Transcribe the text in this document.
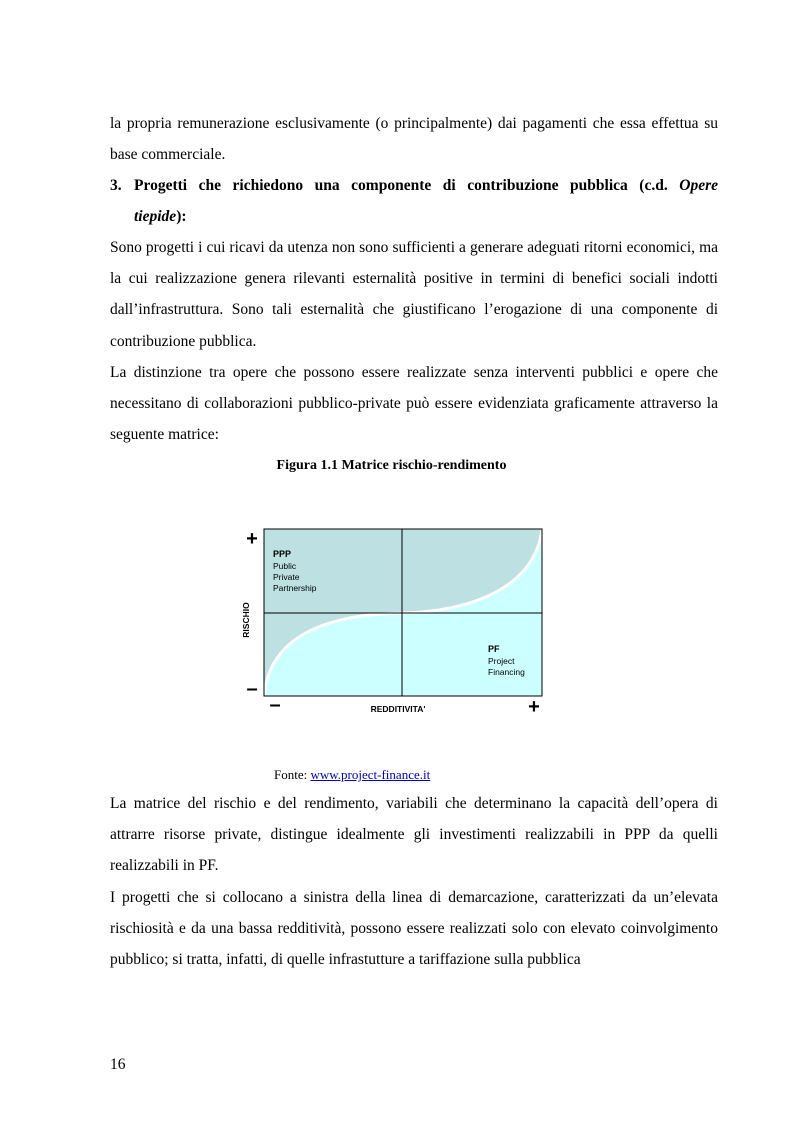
la propria remunerazione esclusivamente (o principalmente) dai pagamenti che essa effettua su base commerciale.

3. Progetti che richiedono una componente di contribuzione pubblica (c.d. Opere
tiepide):

Sono progetti i cui ricavi da utenza non sono sufficienti a generare adeguati ritorni economici, ma la cui realizzazione genera rilevanti esternalità positive in termini di benefici sociali indotti dall’infrastruttura. Sono tali esternalità che giustificano l’erogazione di una componente di contribuzione pubblica.

La distinzione tra opere che possono essere realizzate senza interventi pubblici e opere che necessitano di collaborazioni pubblico-private può essere evidenziata graficamente attraverso la seguente matrice:

Figura 1.1 Matrice rischio-rendimento
PPP
Public
Private
Partnership
PF
Project
Financing
+
–
–	+
RISCHIO
REDDITIVITA'
Fonte: www.project-finance.it

La matrice del rischio e del rendimento, variabili che determinano la capacità dell’opera di attrarre risorse private, distingue idealmente gli investimenti realizzabili in PPP da quelli realizzabili in PF.

I progetti che si collocano a sinistra della linea di demarcazione, caratterizzati da un’elevata rischiosità e da una bassa redditività, possono essere realizzati solo con elevato coinvolgimento pubblico; si tratta, infatti, di quelle infrastutture a tariffazione sulla pubblica

16
